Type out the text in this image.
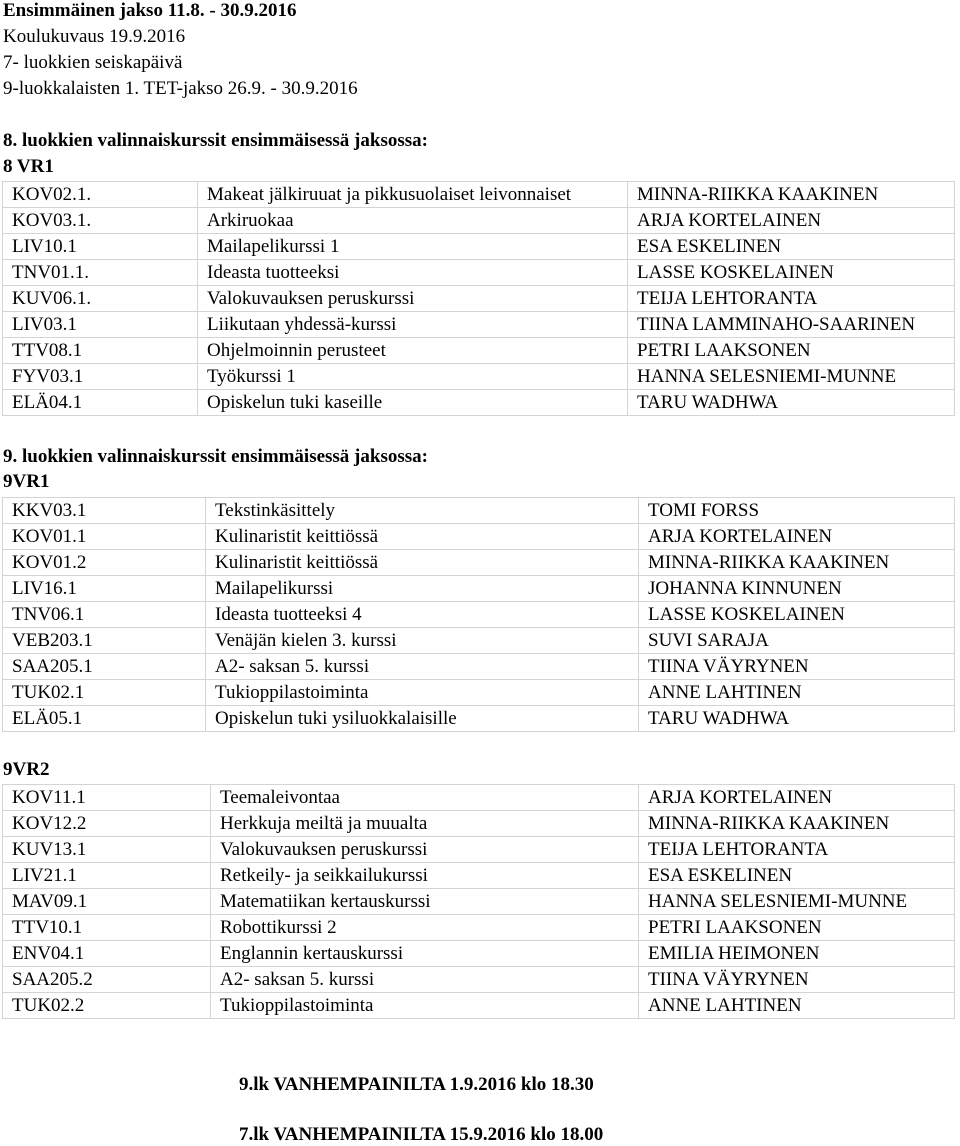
Ensimmäinen jakso 11.8. - 30.9.2016
Koulukuvaus 19.9.2016
7- luokkien seiskapäivä
9-luokkalaisten 1. TET-jakso 26.9. - 30.9.2016
8. luokkien valinnaiskurssit ensimmäisessä jaksossa:
8 VR1
KOV02.1.	Makeat jälkiruuat ja pikkusuolaiset leivonnaiset	MINNA-RIIKKA KAAKINEN
KOV03.1.	Arkiruokaa	ARJA KORTELAINEN
LIV10.1	Mailapelikurssi 1	ESA ESKELINEN
TNV01.1.	Ideasta tuotteeksi	LASSE KOSKELAINEN
KUV06.1.	Valokuvauksen peruskurssi	TEIJA LEHTORANTA
LIV03.1	Liikutaan yhdessä-kurssi	TIINA LAMMINAHO-SAARINEN
TTV08.1	Ohjelmoinnin perusteet	PETRI LAAKSONEN
FYV03.1	Työkurssi 1	HANNA SELESNIEMI-MUNNE
ELÄ04.1	Opiskelun tuki kaseille	TARU WADHWA
9. luokkien valinnaiskurssit ensimmäisessä jaksossa:
9VR1
KKV03.1	Tekstinkäsittely	TOMI FORSS
KOV01.1	Kulinaristit keittiössä	ARJA KORTELAINEN
KOV01.2	Kulinaristit keittiössä	MINNA-RIIKKA KAAKINEN
LIV16.1	Mailapelikurssi	JOHANNA KINNUNEN
TNV06.1	Ideasta tuotteeksi 4	LASSE KOSKELAINEN
VEB203.1	Venäjän kielen 3. kurssi	SUVI SARAJA
SAA205.1	A2- saksan 5. kurssi	TIINA VÄYRYNEN
TUK02.1	Tukioppilastoiminta	ANNE LAHTINEN
ELÄ05.1	Opiskelun tuki ysiluokkalaisille	TARU WADHWA
9VR2
KOV11.1	Teemaleivontaa	ARJA KORTELAINEN
KOV12.2	Herkkuja meiltä ja muualta	MINNA-RIIKKA KAAKINEN
KUV13.1	Valokuvauksen peruskurssi	TEIJA LEHTORANTA
LIV21.1	Retkeily- ja seikkailukurssi	ESA ESKELINEN
MAV09.1	Matematiikan kertauskurssi	HANNA SELESNIEMI-MUNNE
TTV10.1	Robottikurssi 2	PETRI LAAKSONEN
ENV04.1	Englannin kertauskurssi	EMILIA HEIMONEN
SAA205.2	A2- saksan 5. kurssi	TIINA VÄYRYNEN
TUK02.2	Tukioppilastoiminta	ANNE LAHTINEN
9.lk VANHEMPAINILTA 1.9.2016 klo 18.30
7.lk VANHEMPAINILTA 15.9.2016 klo 18.00
